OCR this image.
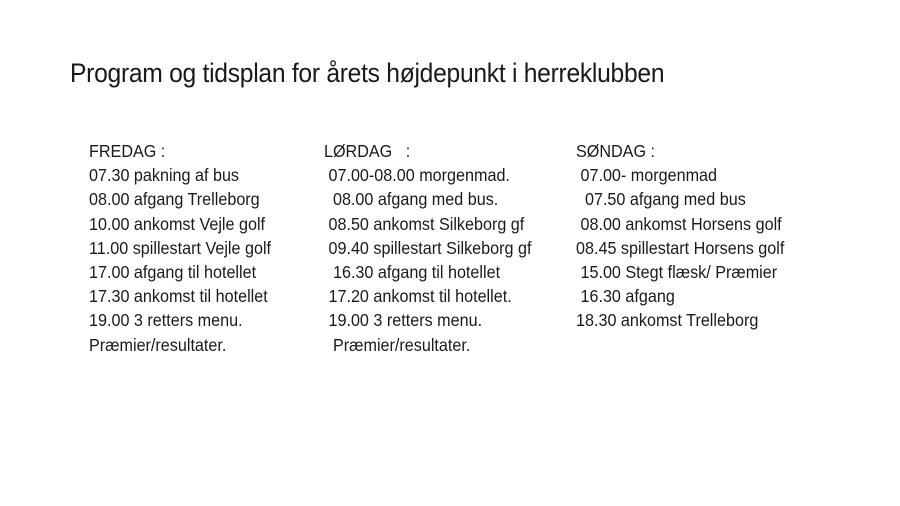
Program og tidsplan for årets højdepunkt i herreklubben
FREDAG :
07.30 pakning af bus
08.00 afgang Trelleborg
10.00 ankomst Vejle golf
11.00 spillestart Vejle golf
17.00 afgang til hotellet
17.30 ankomst til hotellet
19.00 3 retters menu.
Præmier/resultater.
LØRDAG   :
07.00-08.00 morgenmad.
08.00 afgang med bus.
08.50 ankomst Silkeborg gf
09.40 spillestart Silkeborg gf
16.30 afgang til hotellet
17.20 ankomst til hotellet.
19.00 3 retters menu.
Præmier/resultater.
SØNDAG :
07.00- morgenmad
07.50 afgang med bus
08.00 ankomst Horsens golf
08.45 spillestart Horsens golf
15.00 Stegt flæsk/ Præmier
16.30 afgang
18.30 ankomst Trelleborg
